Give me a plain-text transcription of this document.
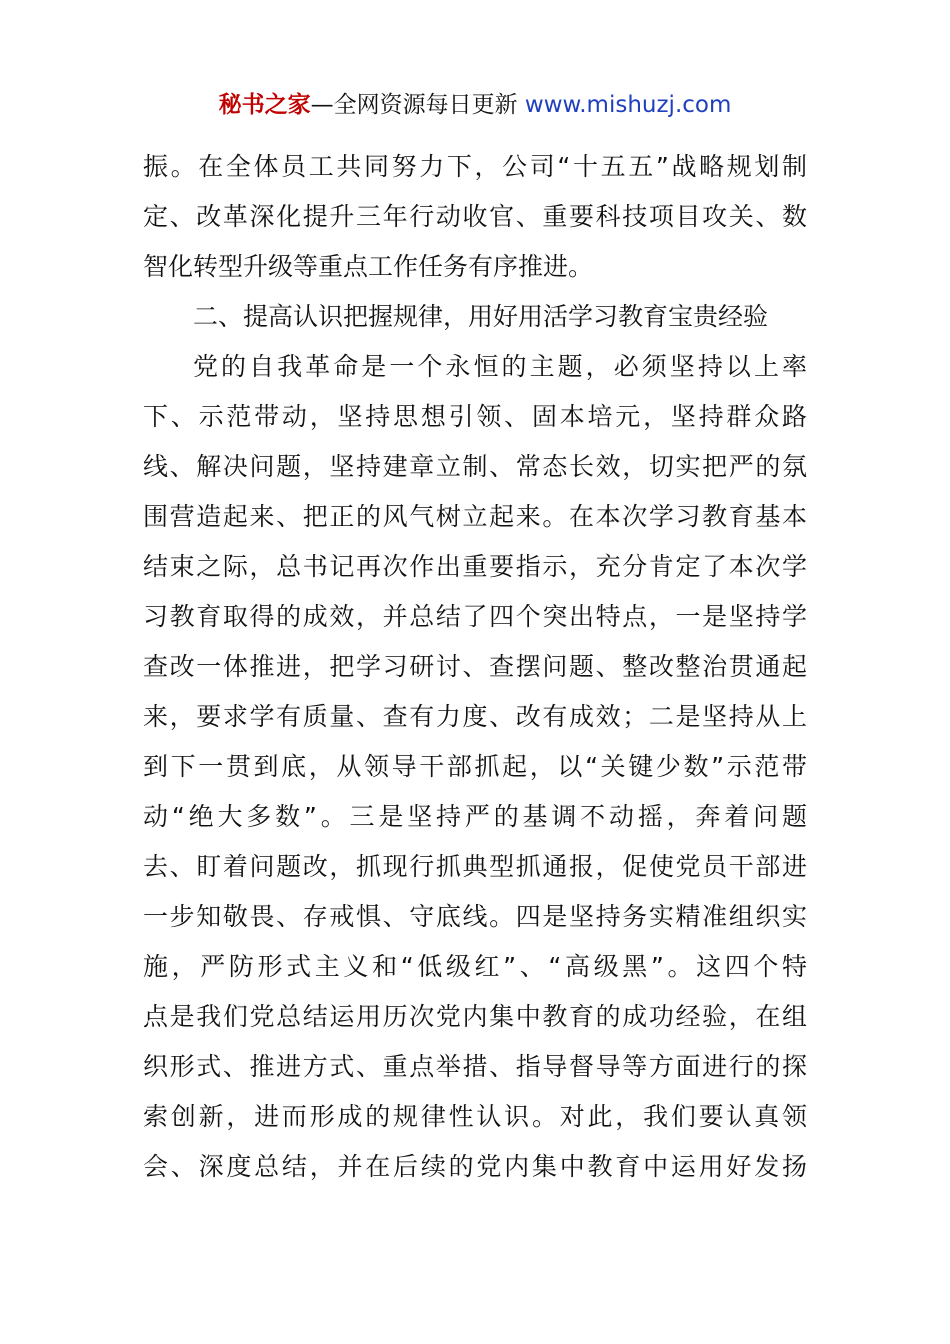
秘书之家—全网资源每日更新 www.mishuzj.com
振。在全体员工共同努力下，公司“十五五”战略规划制
定、改革深化提升三年行动收官、重要科技项目攻关、数
智化转型升级等重点工作任务有序推进。
二、提高认识把握规律，用好用活学习教育宝贵经验
党的自我革命是一个永恒的主题，必须坚持以上率
下、示范带动，坚持思想引领、固本培元，坚持群众路
线、解决问题，坚持建章立制、常态长效，切实把严的氛
围营造起来、把正的风气树立起来。在本次学习教育基本
结束之际，总书记再次作出重要指示，充分肯定了本次学
习教育取得的成效，并总结了四个突出特点，一是坚持学
查改一体推进，把学习研讨、查摆问题、整改整治贯通起
来，要求学有质量、查有力度、改有成效；二是坚持从上
到下一贯到底，从领导干部抓起，以“关键少数”示范带
动“绝大多数”。三是坚持严的基调不动摇，奔着问题
去、盯着问题改，抓现行抓典型抓通报，促使党员干部进
一步知敬畏、存戒惧、守底线。四是坚持务实精准组织实
施，严防形式主义和“低级红”、“高级黑”。这四个特
点是我们党总结运用历次党内集中教育的成功经验，在组
织形式、推进方式、重点举措、指导督导等方面进行的探
索创新，进而形成的规律性认识。对此，我们要认真领
会、深度总结，并在后续的党内集中教育中运用好发扬
